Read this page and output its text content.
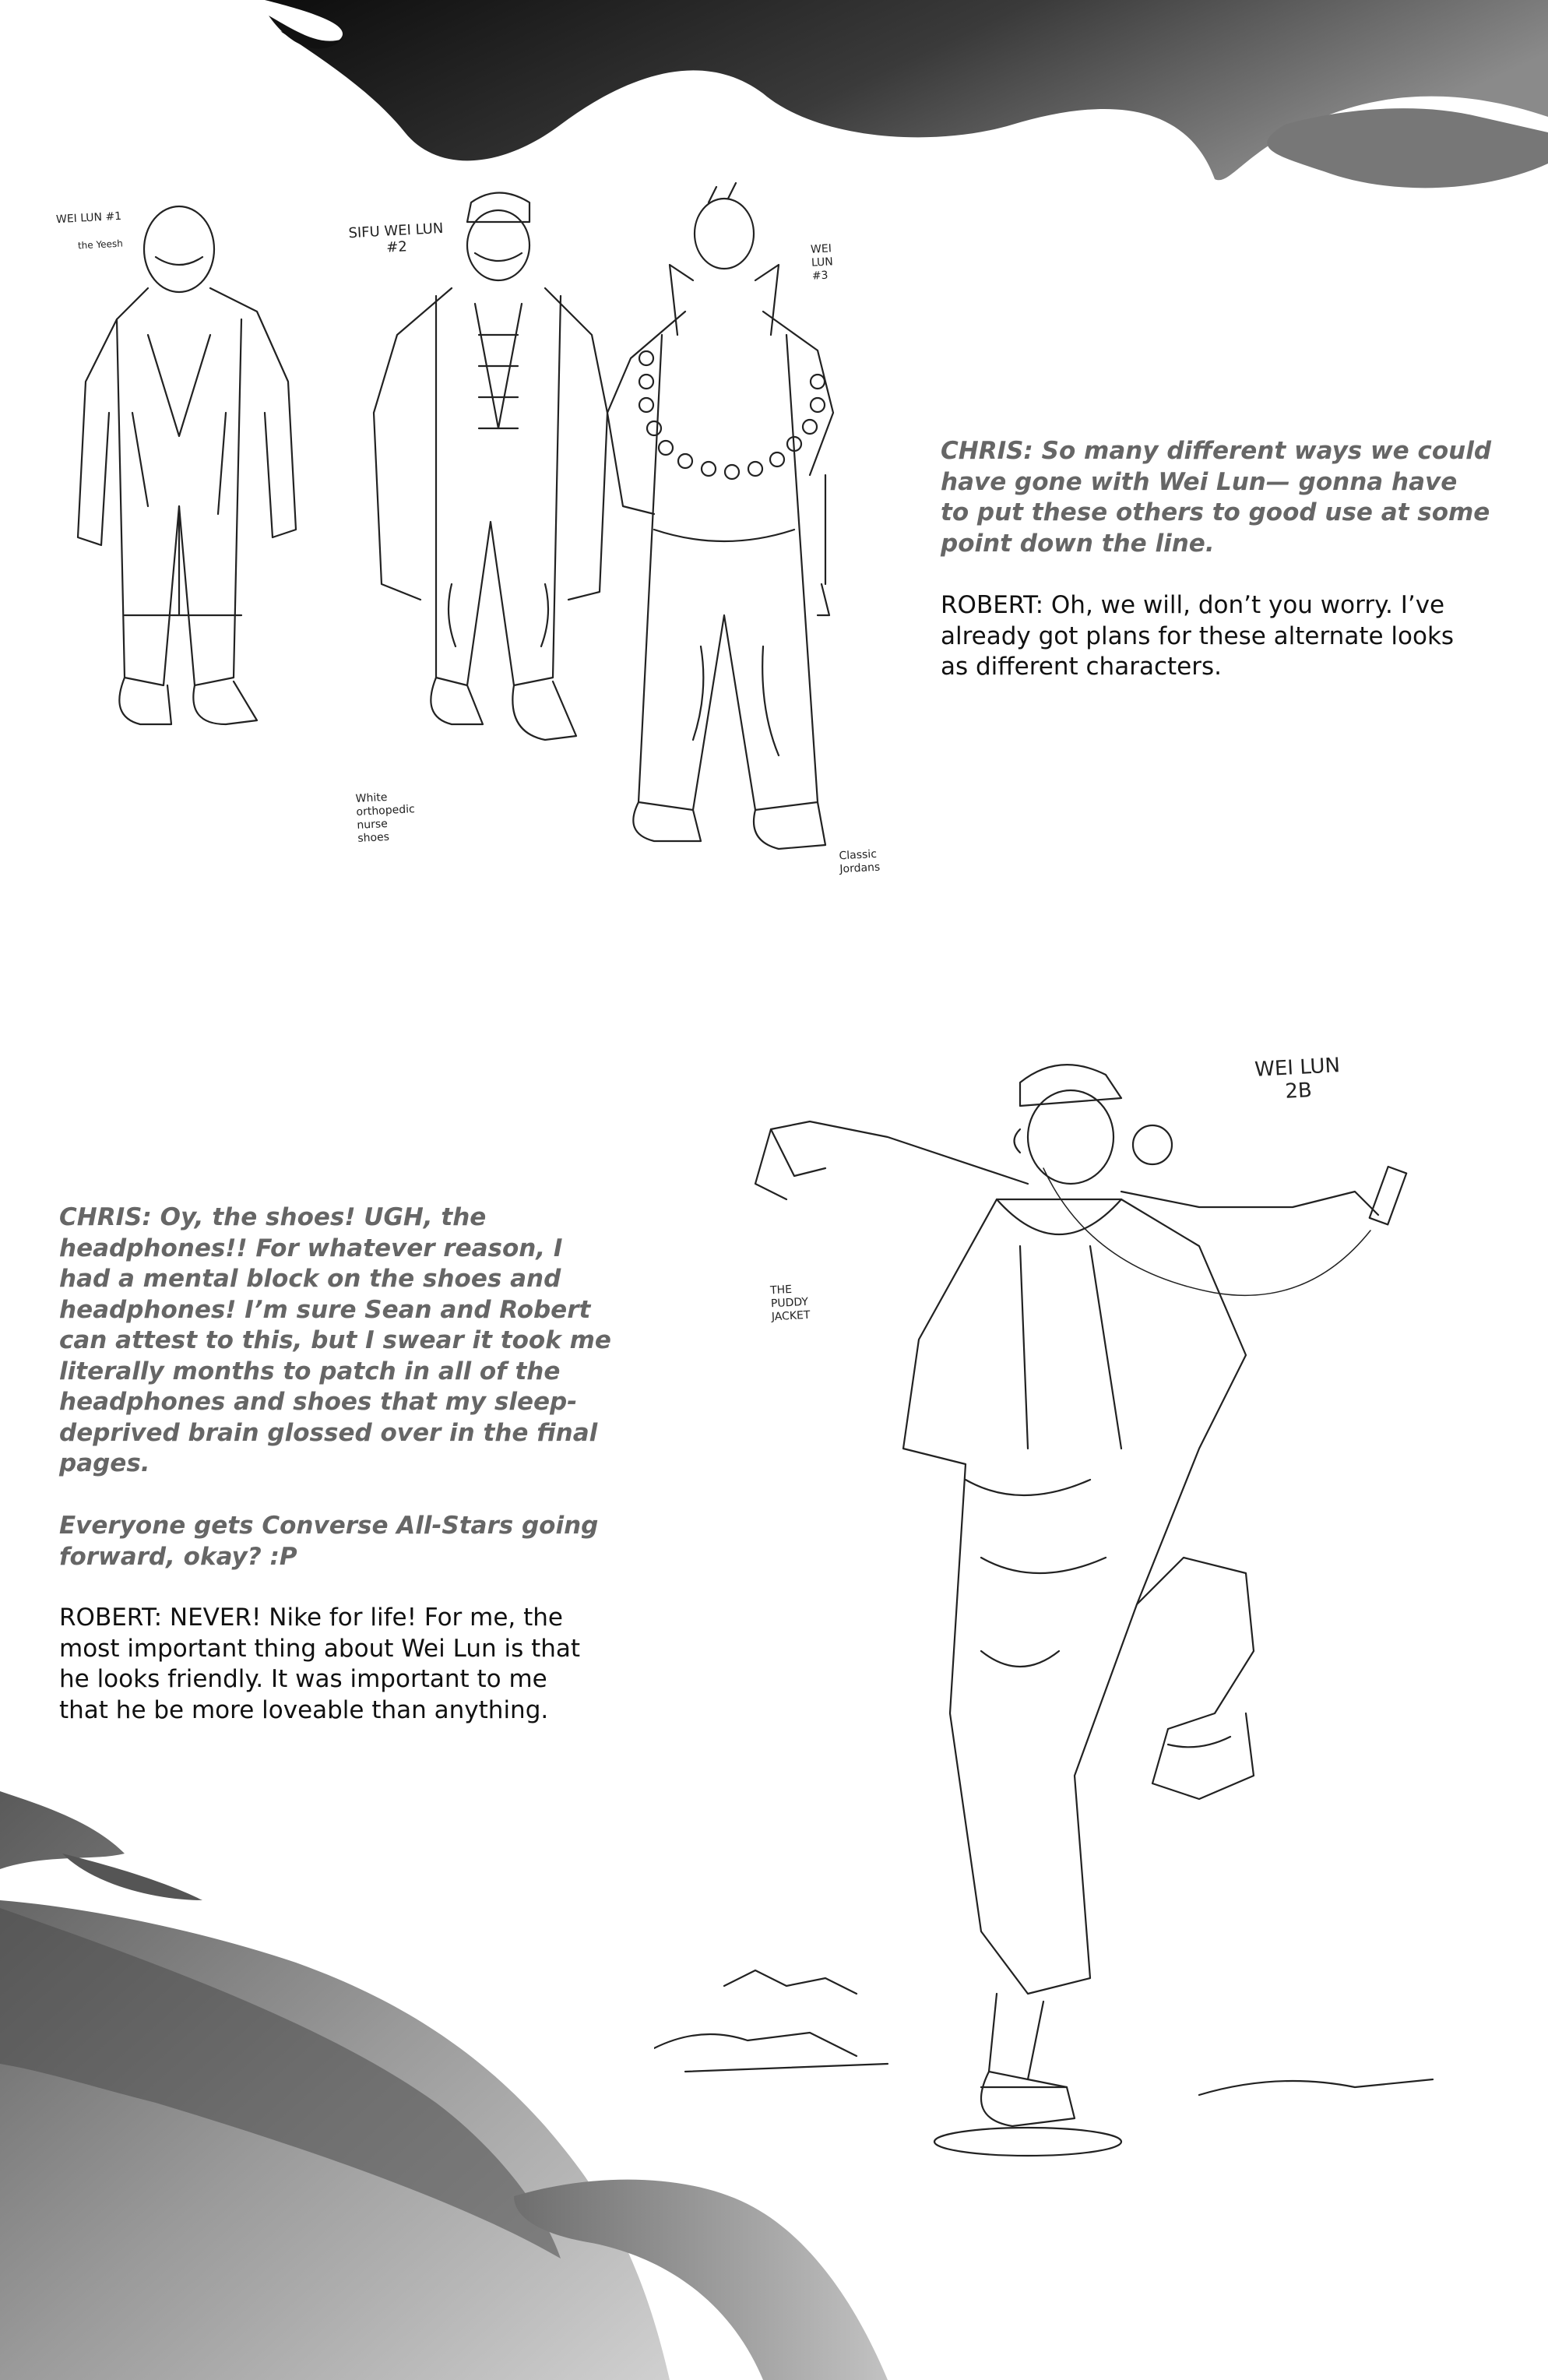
WEI LUN #1

the Yeesh

SIFU WEI LUN
#2	WEI
LUN
#3

White
orthopedic
nurse
shoes

Classic
Jordans

CHRIS: So many different ways we could
have gone with Wei Lun— gonna have
to put these others to good use at some
point down the line.

ROBERT: Oh, we will, don’t you worry. I’ve
already got plans for these alternate looks
as different characters.

WEI LUN
2B

THE
PUDDY
JACKET

CHRIS: Oy, the shoes! UGH, the
headphones!! For whatever reason, I
had a mental block on the shoes and
headphones! I’m sure Sean and Robert
can attest to this, but I swear it took me
literally months to patch in all of the
headphones and shoes that my sleep-
deprived brain glossed over in the final
pages.

Everyone gets Converse All-Stars going
forward, okay? :P

ROBERT: NEVER! Nike for life! For me, the
most important thing about Wei Lun is that
he looks friendly. It was important to me
that he be more loveable than anything.
